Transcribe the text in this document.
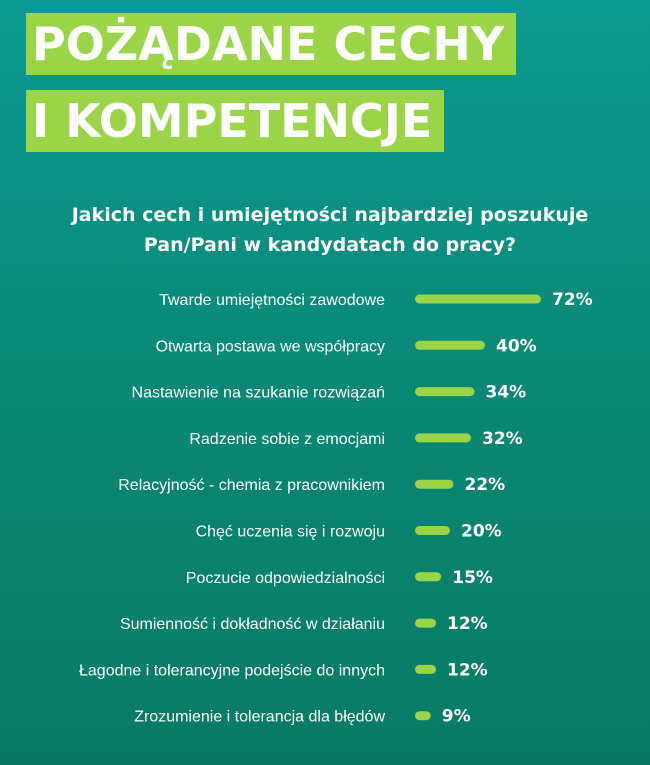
POŻĄDANE CECHY
I KOMPETENCJE
Jakich cech i umiejętności najbardziej poszukuje
Pan/Pani w kandydatach do pracy?
Twarde umiejętności zawodowe	72%
Otwarta postawa we współpracy	40%
Nastawienie na szukanie rozwiązań	34%
Radzenie sobie z emocjami	32%
Relacyjność - chemia z pracownikiem	22%
Chęć uczenia się i rozwoju	20%
Poczucie odpowiedzialności	15%
Sumienność i dokładność w działaniu	12%
Łagodne i tolerancyjne podejście do innych	12%
Zrozumienie i tolerancja dla błędów	9%
